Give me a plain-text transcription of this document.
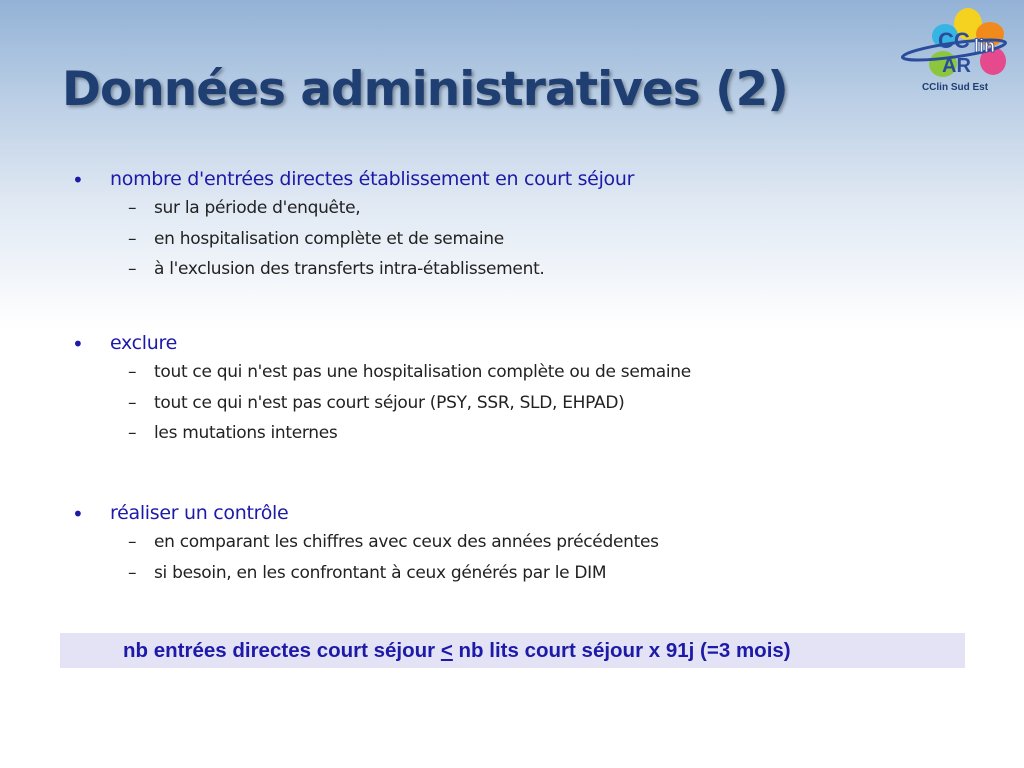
Données administratives (2)
CC lin
AR
CClin Sud Est
• nombre d'entrées directes établissement en court séjour
– sur la période d'enquête,
– en hospitalisation complète et de semaine
– à l'exclusion des transferts intra-établissement.
• exclure
– tout ce qui n'est pas une hospitalisation complète ou de semaine
– tout ce qui n'est pas court séjour (PSY, SSR, SLD, EHPAD)
– les mutations internes
• réaliser un contrôle
– en comparant les chiffres avec ceux des années précédentes
– si besoin, en les confrontant à ceux générés par le DIM
nb entrées directes court séjour < nb lits court séjour x 91j (=3 mois)
